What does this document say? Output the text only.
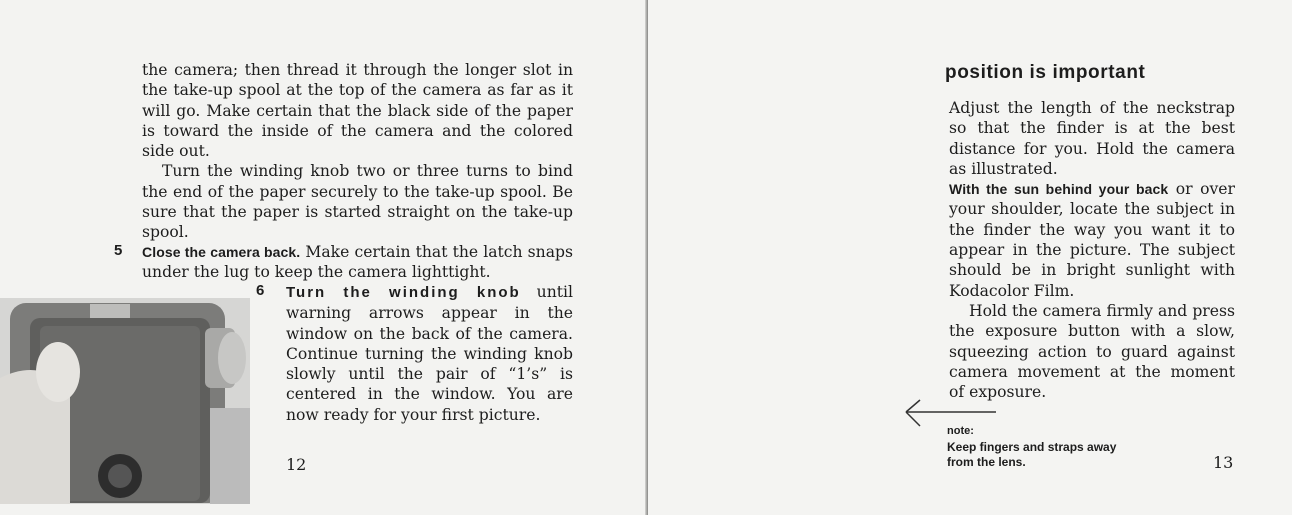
the camera; then thread it through the longer slot in the take-up spool at the top of the camera as far as it will go. Make certain that the black side of the paper is toward the inside of the camera and the colored side out.

Turn the winding knob two or three turns to bind the end of the paper securely to the take-up spool. Be sure that the paper is started straight on the take-up spool.

5 Close the camera back. Make certain that the latch snaps under the lug to keep the camera lighttight.

6 Turn the winding knob until warning arrows appear in the window on the back of the camera. Continue turning the winding knob slowly until the pair of “1’s” is centered in the window. You are now ready for your first picture.

12
position is important

Adjust the length of the neckstrap so that the finder is at the best distance for you. Hold the camera as illustrated.

With the sun behind your back or over your shoulder, locate the subject in the finder the way you want it to appear in the picture. The subject should be in bright sunlight with Kodacolor Film.

Hold the camera firmly and press the exposure button with a slow, squeezing action to guard against camera movement at the moment of exposure.

note:
Keep fingers and straps away from the lens.	13
